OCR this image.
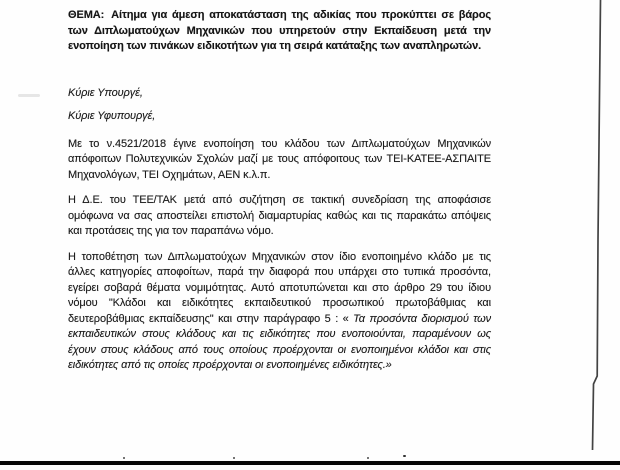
ΘΕΜΑ: Αίτημα για άμεση αποκατάσταση της αδικίας που προκύπτει σε βάρος των Διπλωματούχων Μηχανικών που υπηρετούν στην Εκπαίδευση μετά την ενοποίηση των πινάκων ειδικοτήτων για τη σειρά κατάταξης των αναπληρωτών.

Κύριε Υπουργέ,

Κύριε Υφυπουργέ,

Με το ν.4521/2018 έγινε ενοποίηση του κλάδου των Διπλωματούχων Μηχανικών απόφοιτων Πολυτεχνικών Σχολών μαζί με τους απόφοιτους των ΤΕΙ-ΚΑΤΕΕ-ΑΣΠΑΙΤΕ Μηχανολόγων, ΤΕΙ Οχημάτων, ΑΕΝ κ.λ.π.

Η Δ.Ε. του ΤΕΕ/ΤΑΚ μετά από συζήτηση σε τακτική συνεδρίαση της αποφάσισε ομόφωνα να σας αποστείλει επιστολή διαμαρτυρίας καθώς και τις παρακάτω απόψεις και προτάσεις της για τον παραπάνω νόμο.

Η τοποθέτηση των Διπλωματούχων Μηχανικών στον ίδιο ενοποιημένο κλάδο με τις άλλες κατηγορίες αποφοίτων, παρά την διαφορά που υπάρχει στο τυπικά προσόντα, εγείρει σοβαρά θέματα νομιμότητας. Αυτό αποτυπώνεται και στο άρθρο 29 του ίδιου νόμου "Κλάδοι και ειδικότητες εκπαιδευτικού προσωπικού πρωτοβάθμιας και δευτεροβάθμιας εκπαίδευσης" και στην παράγραφο 5 : « Τα προσόντα διορισμού των εκπαιδευτικών στους κλάδους και τις ειδικότητες που ενοποιούνται, παραμένουν ως έχουν στους κλάδους από τους οποίους προέρχονται οι ενοποιημένοι κλάδοι και στις ειδικότητες από τις οποίες προέρχονται οι ενοποιημένες ειδικότητες.»
